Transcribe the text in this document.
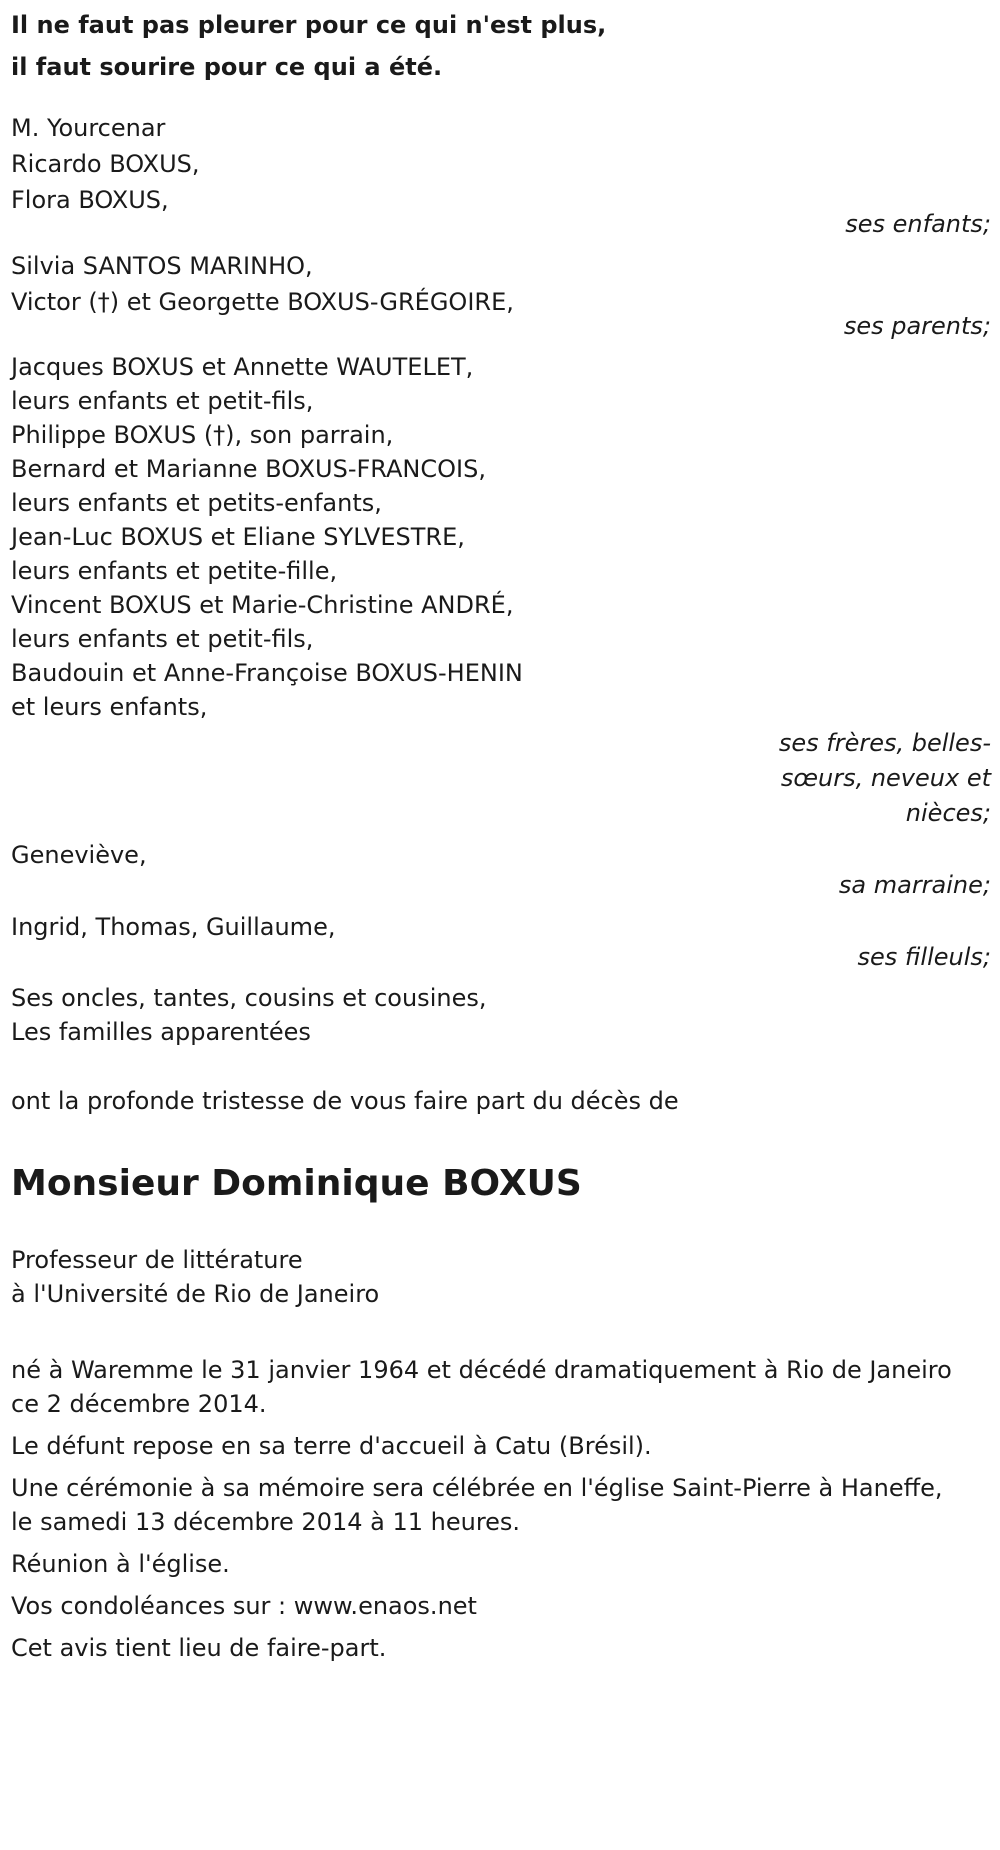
Il ne faut pas pleurer pour ce qui n'est plus,
il faut sourire pour ce qui a été.
M. Yourcenar
Ricardo BOXUS,
Flora BOXUS,
ses enfants;
Silvia SANTOS MARINHO,
Victor (†) et Georgette BOXUS-GRÉGOIRE,
ses parents;
Jacques BOXUS et Annette WAUTELET,
leurs enfants et petit-fils,
Philippe BOXUS (†), son parrain,
Bernard et Marianne BOXUS-FRANCOIS,
leurs enfants et petits-enfants,
Jean-Luc BOXUS et Eliane SYLVESTRE,
leurs enfants et petite-fille,
Vincent BOXUS et Marie-Christine ANDRÉ,
leurs enfants et petit-fils,
Baudouin et Anne-Françoise BOXUS-HENIN
et leurs enfants,
ses frères, belles-
sœurs, neveux et
nièces;
Geneviève,
sa marraine;
Ingrid, Thomas, Guillaume,
ses filleuls;
Ses oncles, tantes, cousins et cousines,
Les familles apparentées
ont la profonde tristesse de vous faire part du décès de
Monsieur Dominique BOXUS
Professeur de littérature
à l'Université de Rio de Janeiro

né à Waremme le 31 janvier 1964 et décédé dramatiquement à Rio de Janeiro ce 2 décembre 2014.

Le défunt repose en sa terre d'accueil à Catu (Brésil).

Une cérémonie à sa mémoire sera célébrée en l'église Saint-Pierre à Haneffe, le samedi 13 décembre 2014 à 11 heures.

Réunion à l'église.

Vos condoléances sur : www.enaos.net

Cet avis tient lieu de faire-part.
